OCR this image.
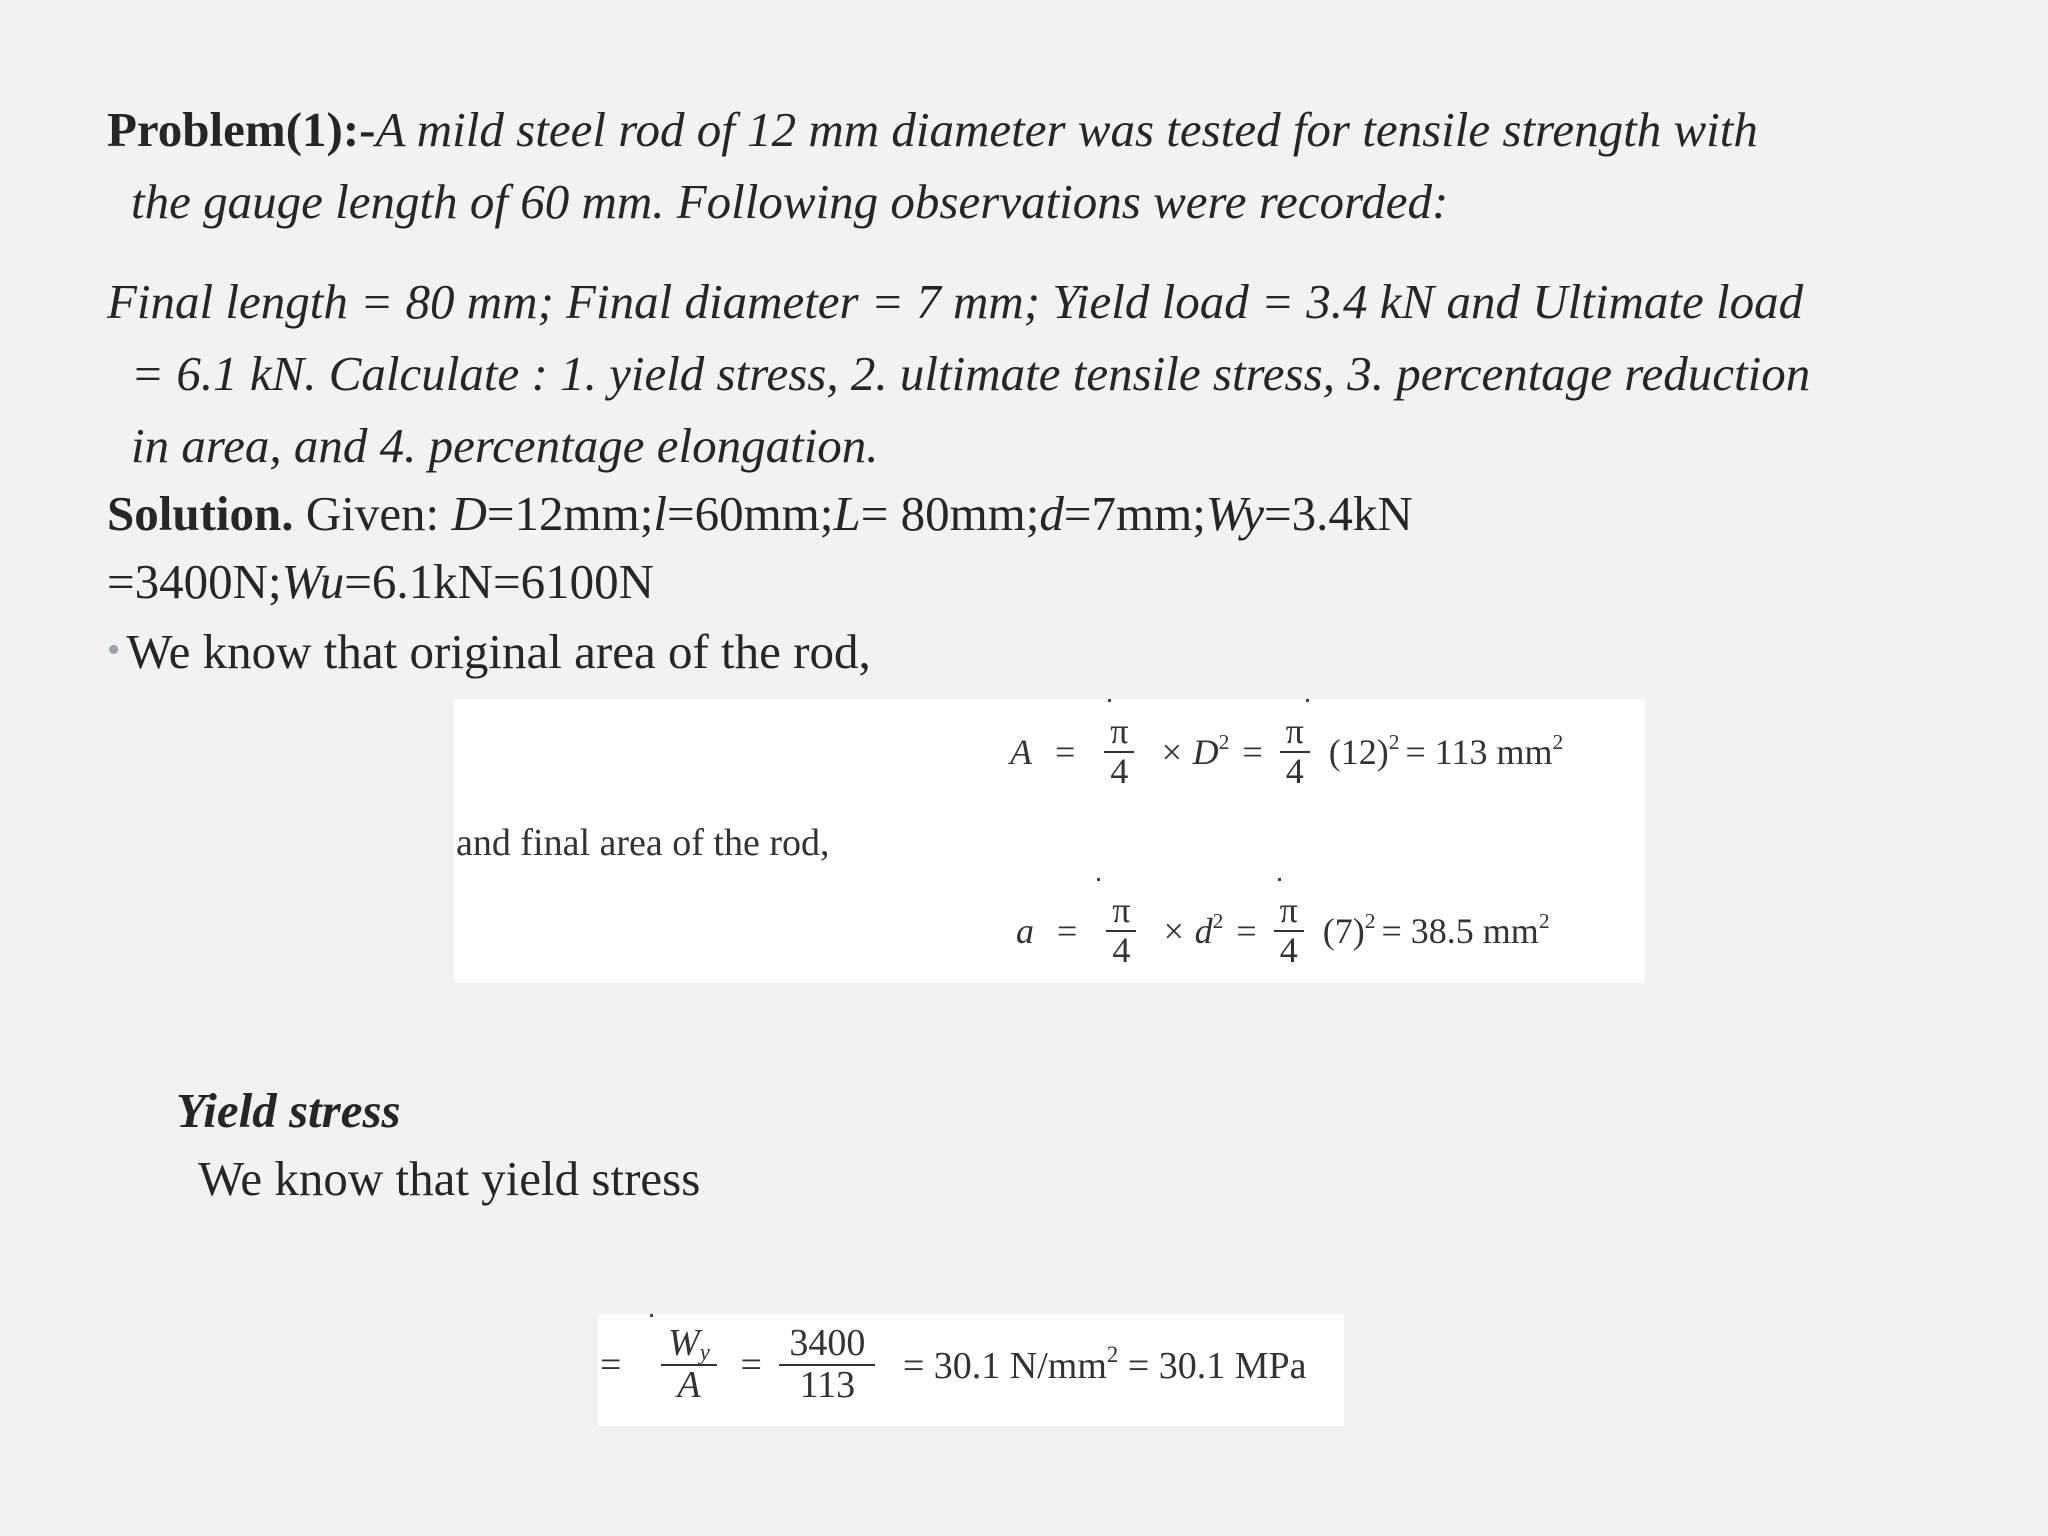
Problem(1):-A mild steel rod of 12 mm diameter was tested for tensile strength with
the gauge length of 60 mm. Following observations were recorded:
Final length = 80 mm; Final diameter = 7 mm; Yield load = 3.4 kN and Ultimate load
= 6.1 kN. Calculate : 1. yield stress, 2. ultimate tensile stress, 3. percentage reduction
in area, and 4. percentage elongation.
Solution. Given: D=12mm;l=60mm;L= 80mm;d=7mm;Wy=3.4kN
=3400N;Wu=6.1kN=6100N
• We know that original area of the rod,
$A = \frac{\pi}{4} \times D^2 = \frac{\pi}{4} (12)^2 = 113$ $mm^2$
and final area of the rod,
$a = \frac{\pi}{4} \times d^2 = \frac{\pi}{4} (7)^2 = 38.5$ $mm^2$
Yield stress
We know that yield stress
= $\frac{Wy}{A} = \frac{3400}{113} = 30.1$ $N/mm^2 = 30.1$ MPa
